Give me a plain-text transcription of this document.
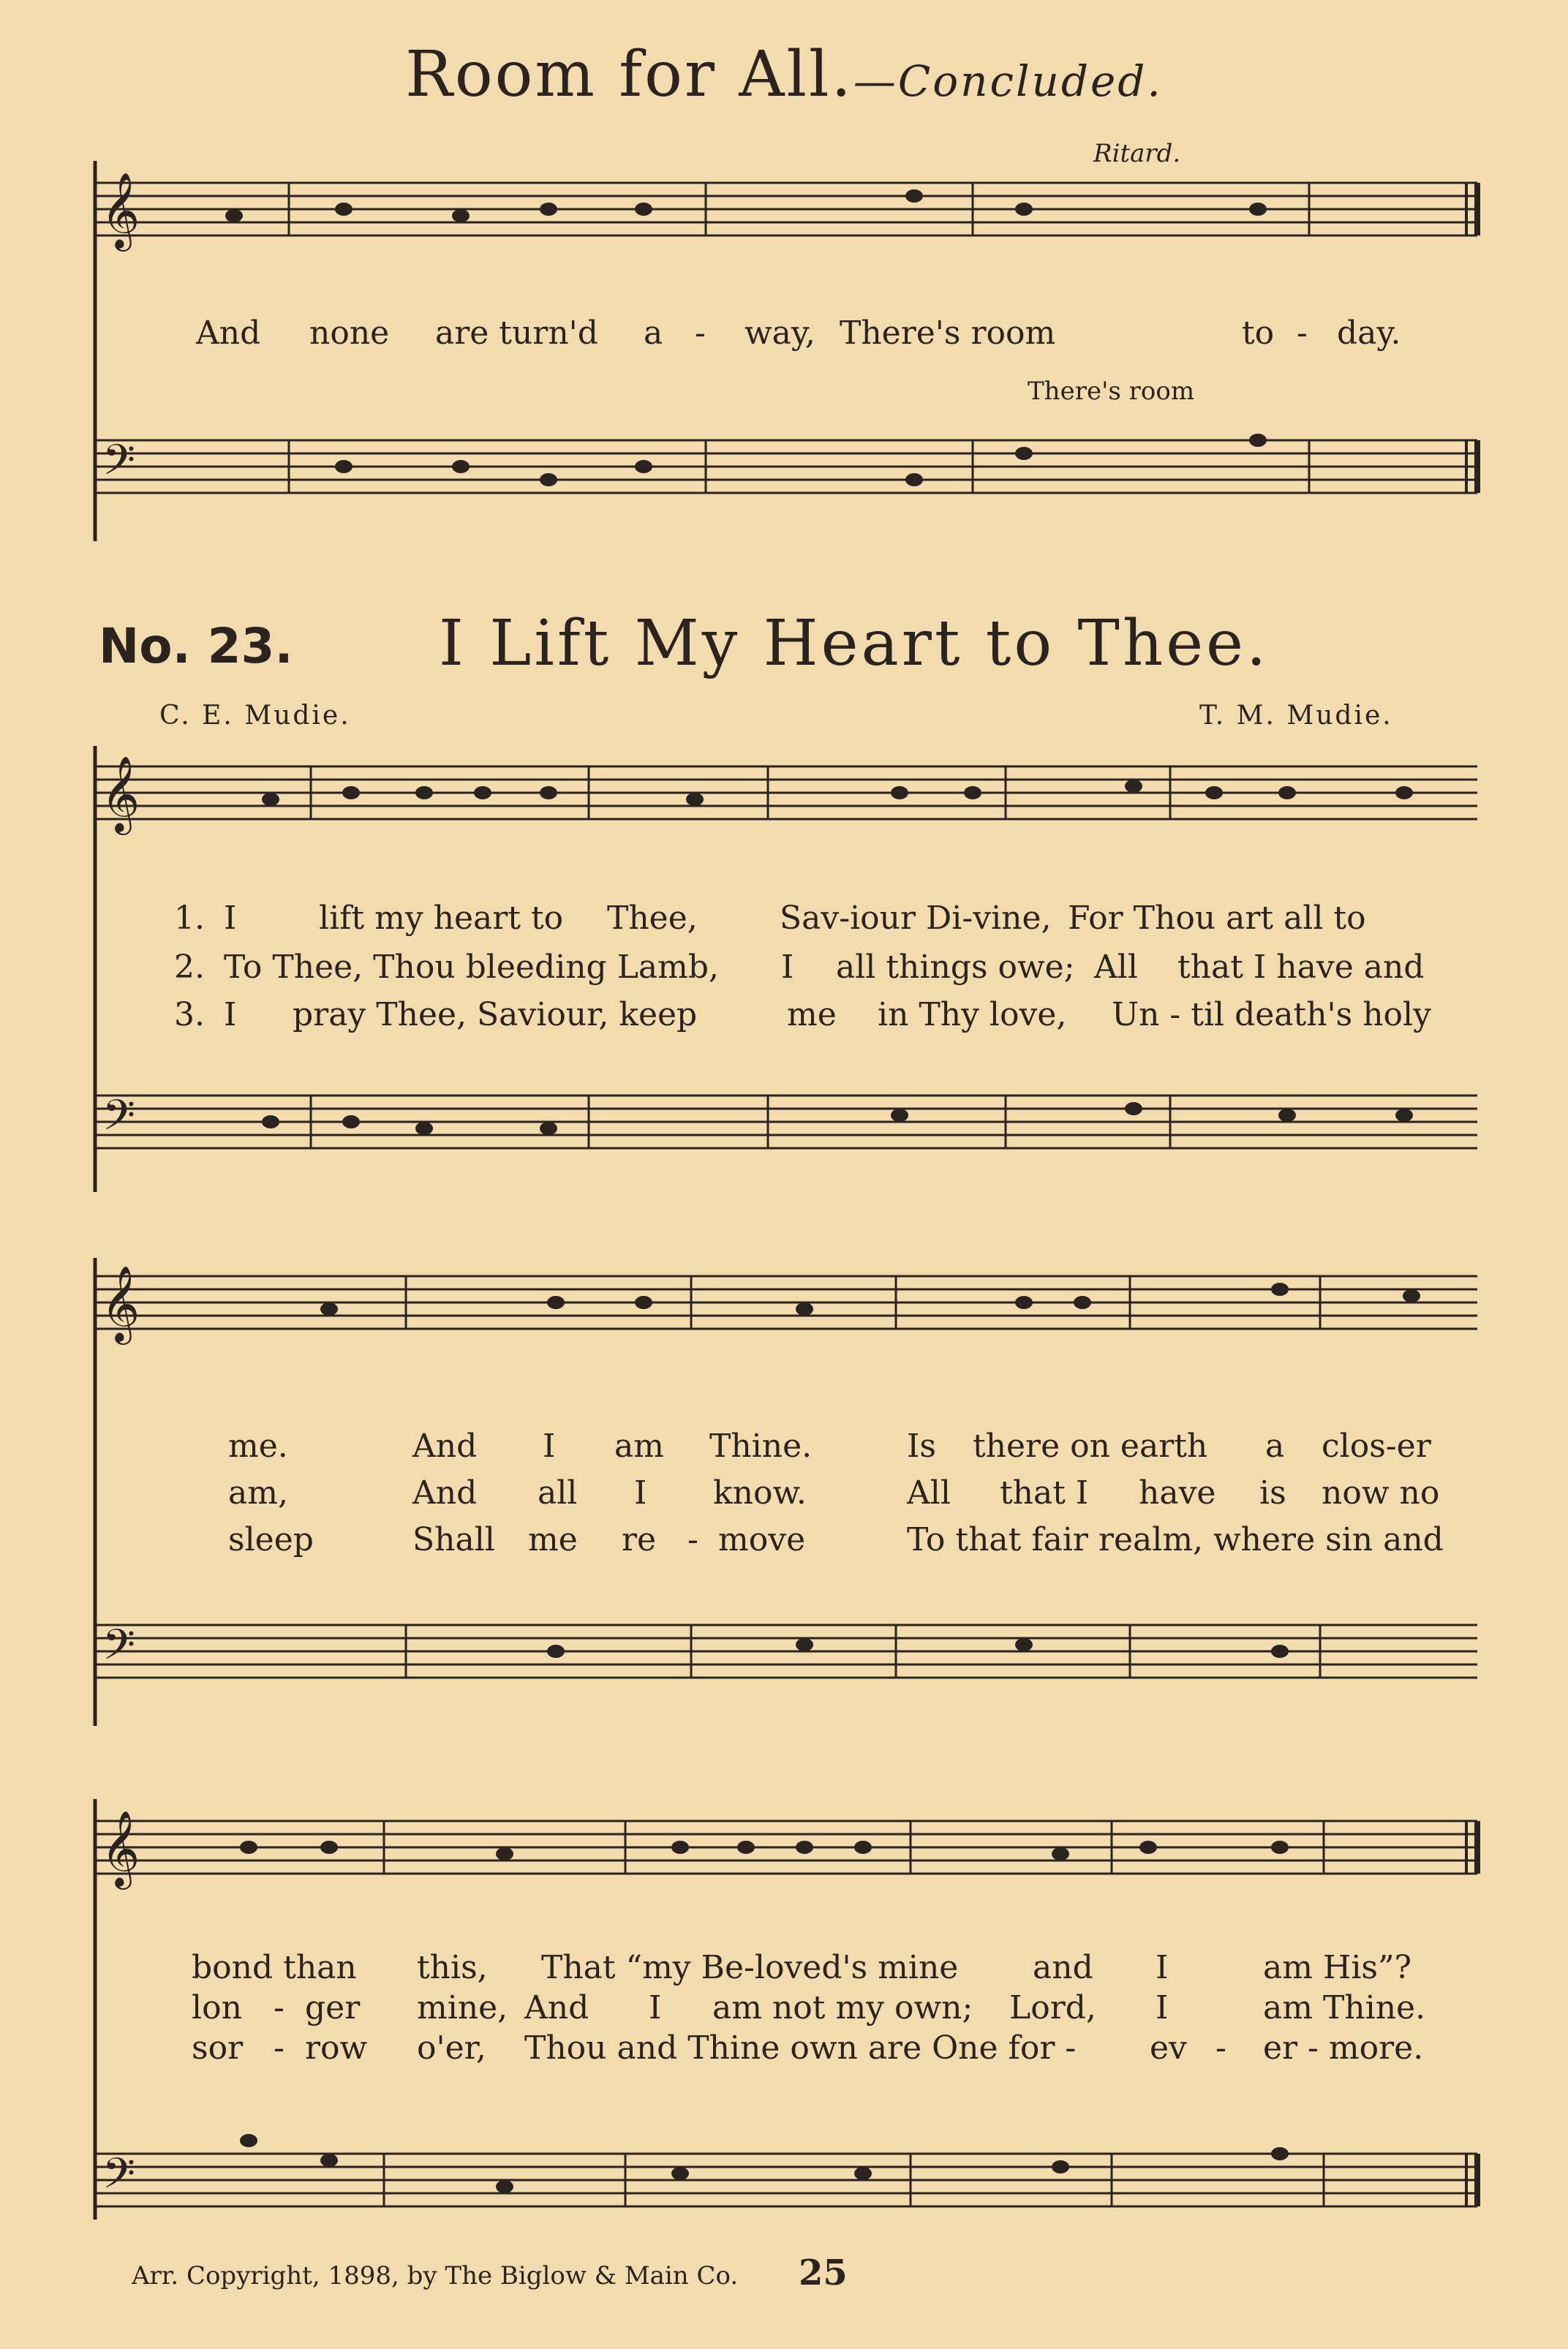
𝄞
𝄢
𝄞
𝄢
𝄞
𝄢
𝄞
𝄢
Room for All.—Concluded.
Ritard.
And none are turn'd a - way, There's room	to - day.
There's room
No. 23. I Lift My Heart to Thee.
C. E. Mudie.	T. M. Mudie.
1. I	lift my heart to Thee,	Sav-iour Di-vine, For Thou art all to
2. To Thee, Thou bleeding Lamb, I all things owe; All that I have and
3. I pray Thee, Saviour, keep	me in Thy love, Un - til death's holy
me.	And I am Thine.	Is there on earth a clos-er
am,	And all I know.	All that I have is now no
sleep	Shall me re - move	To that fair realm, where sin and
bond than this, That “my Be-loved's mine and I	am His”?
lon - ger mine, And I am not my own; Lord, I	am Thine.
sor - row o'er, Thou and Thine own are One for - ev - er - more.
Arr. Copyright, 1898, by The Biglow & Main Co. 25
